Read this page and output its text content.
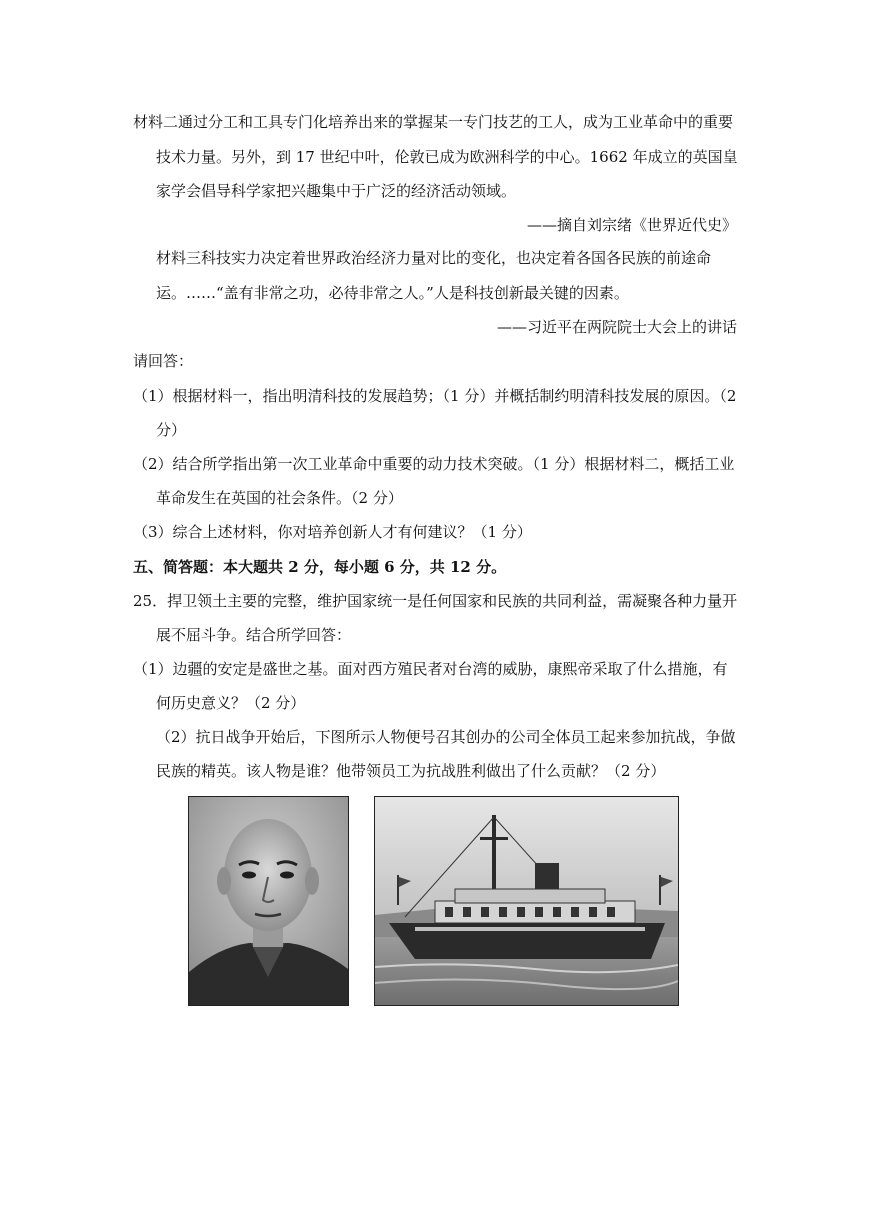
材料二通过分工和工具专门化培养出来的掌握某一专门技艺的工人，成为工业革命中的重要
技术力量。另外，到 17 世纪中叶，伦敦已成为欧洲科学的中心。1662 年成立的英国皇
家学会倡导科学家把兴趣集中于广泛的经济活动领域。
——摘自刘宗绪《世界近代史》
材料三科技实力决定着世界政治经济力量对比的变化，也决定着各国各民族的前途命
运。……“盖有非常之功，必待非常之人。”人是科技创新最关键的因素。
——习近平在两院院士大会上的讲话
请回答：
（1）根据材料一，指出明清科技的发展趋势；（1 分）并概括制约明清科技发展的原因。（2
分）
（2）结合所学指出第一次工业革命中重要的动力技术突破。（1 分）根据材料二，概括工业
革命发生在英国的社会条件。（2 分）
（3）综合上述材料，你对培养创新人才有何建议？（1 分）
五、简答题：本大题共 2 分，每小题 6 分，共 12 分。
25．捍卫领土主要的完整，维护国家统一是任何国家和民族的共同利益，需凝聚各种力量开
展不屈斗争。结合所学回答：
（1）边疆的安定是盛世之基。面对西方殖民者对台湾的威胁，康熙帝采取了什么措施，有
何历史意义？（2 分）
（2）抗日战争开始后，下图所示人物便号召其创办的公司全体员工起来参加抗战，争做
民族的精英。该人物是谁？他带领员工为抗战胜利做出了什么贡献？（2 分）
